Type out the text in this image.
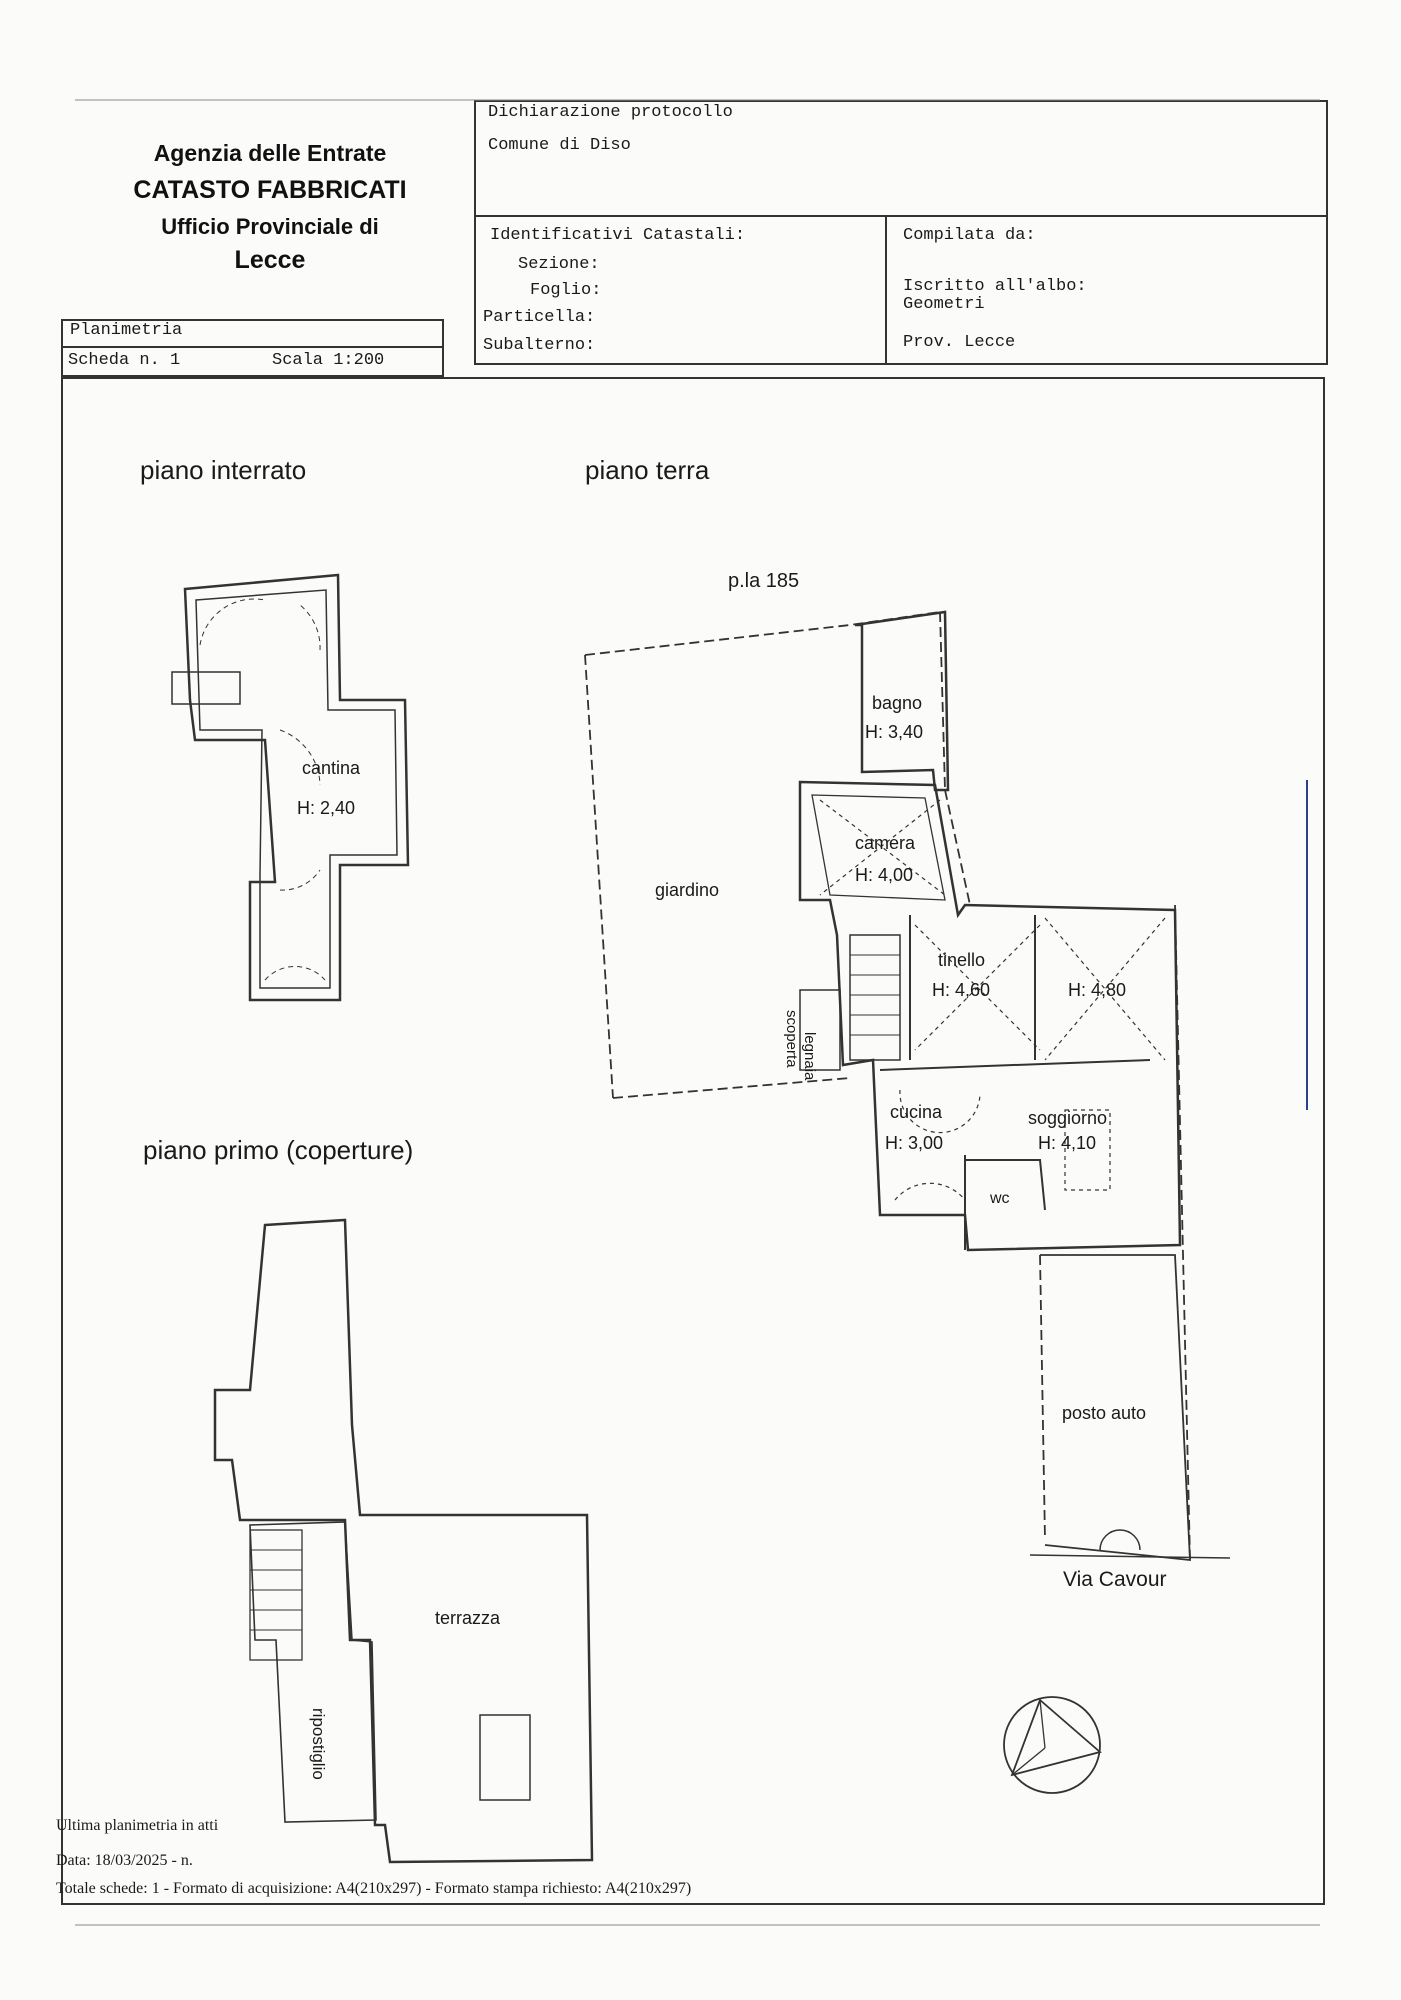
Agenzia delle Entrate
CATASTO FABBRICATI
Ufficio Provinciale di
Lecce
Planimetria
Scheda n. 1	Scala 1:200
Dichiarazione protocollo
Comune di Diso
Identificativi Catastali:
Sezione:
Foglio:
Particella:
Subalterno:
Compilata da:
Iscritto all'albo:
Geometri
Prov. Lecce
piano interrato	piano terra
piano primo (coperture)
cantina
H: 2,40
p.la 185
bagno
H: 3,40
camera
H: 4,00
giardino
tinello
H: 4,60	H: 4,80
legnaia
scoperta
cucina
H: 3,00
soggiorno
H: 4,10
wc
posto auto
Via Cavour
terrazza
ripostiglio
Ultima planimetria in atti
Data: 18/03/2025 - n.
Totale schede: 1 - Formato di acquisizione: A4(210x297) - Formato stampa richiesto: A4(210x297)
